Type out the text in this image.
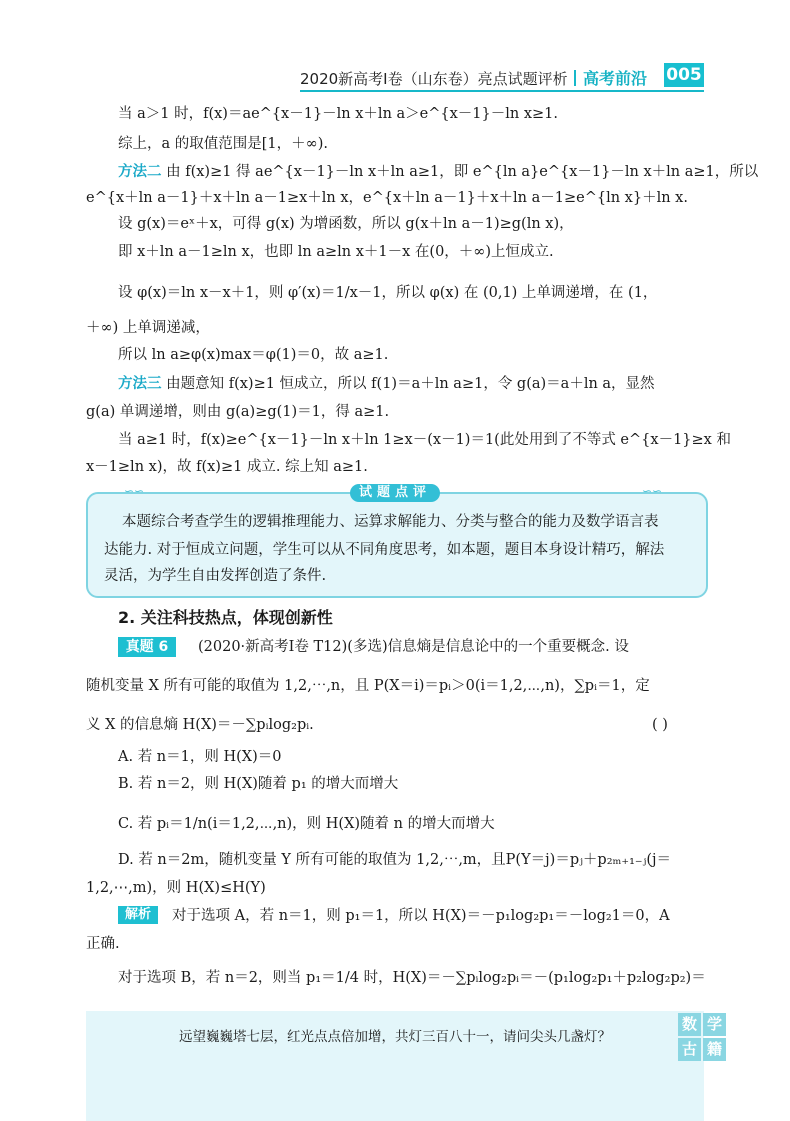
2020新高考Ⅰ卷（山东卷）亮点试题评析 高考前沿 005
当 a＞1 时，f(x)＝ae^{x－1}－ln x＋ln a＞e^{x－1}－ln x≥1.
综上，a 的取值范围是[1，＋∞).
方法二 由 f(x)≥1 得 ae^{x－1}－ln x＋ln a≥1，即 e^{ln a}e^{x－1}－ln x＋ln a≥1，所以
e^{x＋ln a－1}＋x＋ln a－1≥x＋ln x，e^{x＋ln a－1}＋x＋ln a－1≥e^{ln x}＋ln x.
设 g(x)＝eˣ＋x，可得 g(x) 为增函数，所以 g(x＋ln a－1)≥g(ln x)，
即 x＋ln a－1≥ln x，也即 ln a≥ln x＋1－x 在(0，＋∞)上恒成立.
设 φ(x)＝ln x－x＋1，则 φ′(x)＝1/x－1，所以 φ(x) 在 (0,1) 上单调递增，在 (1，
＋∞) 上单调递减，
所以 ln a≥φ(x)max＝φ(1)＝0，故 a≥1.
方法三 由题意知 f(x)≥1 恒成立，所以 f(1)＝a＋ln a≥1，令 g(a)＝a＋ln a，显然
g(a) 单调递增，则由 g(a)≥g(1)＝1，得 a≥1.
当 a≥1 时，f(x)≥e^{x－1}－ln x＋ln 1≥x－(x－1)＝1(此处用到了不等式 e^{x－1}≥x 和
x－1≥ln x)，故 f(x)≥1 成立. 综上知 a≥1.
∽∽	∽∽
试题点评
本题综合考查学生的逻辑推理能力、运算求解能力、分类与整合的能力及数学语言表
达能力. 对于恒成立问题，学生可以从不同角度思考，如本题，题目本身设计精巧，解法
灵活，为学生自由发挥创造了条件.
2. 关注科技热点，体现创新性
真题 6	(2020·新高考Ⅰ卷 T12)(多选)信息熵是信息论中的一个重要概念. 设
随机变量 X 所有可能的取值为 1,2,⋯,n，且 P(X＝i)＝pᵢ＞0(i＝1,2,⋯,n)，∑pᵢ＝1，定
义 X 的信息熵 H(X)＝－∑pᵢlog₂pᵢ.	( )
A. 若 n＝1，则 H(X)＝0
B. 若 n＝2，则 H(X)随着 p₁ 的增大而增大
C. 若 pᵢ＝1/n(i＝1,2,⋯,n)，则 H(X)随着 n 的增大而增大
D. 若 n＝2m，随机变量 Y 所有可能的取值为 1,2,⋯,m，且P(Y＝j)＝pⱼ＋p₂ₘ₊₁₋ⱼ(j＝
1,2,⋯,m)，则 H(X)≤H(Y)
解析	对于选项 A，若 n＝1，则 p₁＝1，所以 H(X)＝－p₁log₂p₁＝－log₂1＝0，A
正确.
对于选项 B，若 n＝2，则当 p₁＝1/4 时，H(X)＝－∑pᵢlog₂pᵢ＝－(p₁log₂p₁＋p₂log₂p₂)＝
远望巍巍塔七层，红光点点倍加增，共灯三百八十一，请问尖头几盏灯？
数 学
古 籍
